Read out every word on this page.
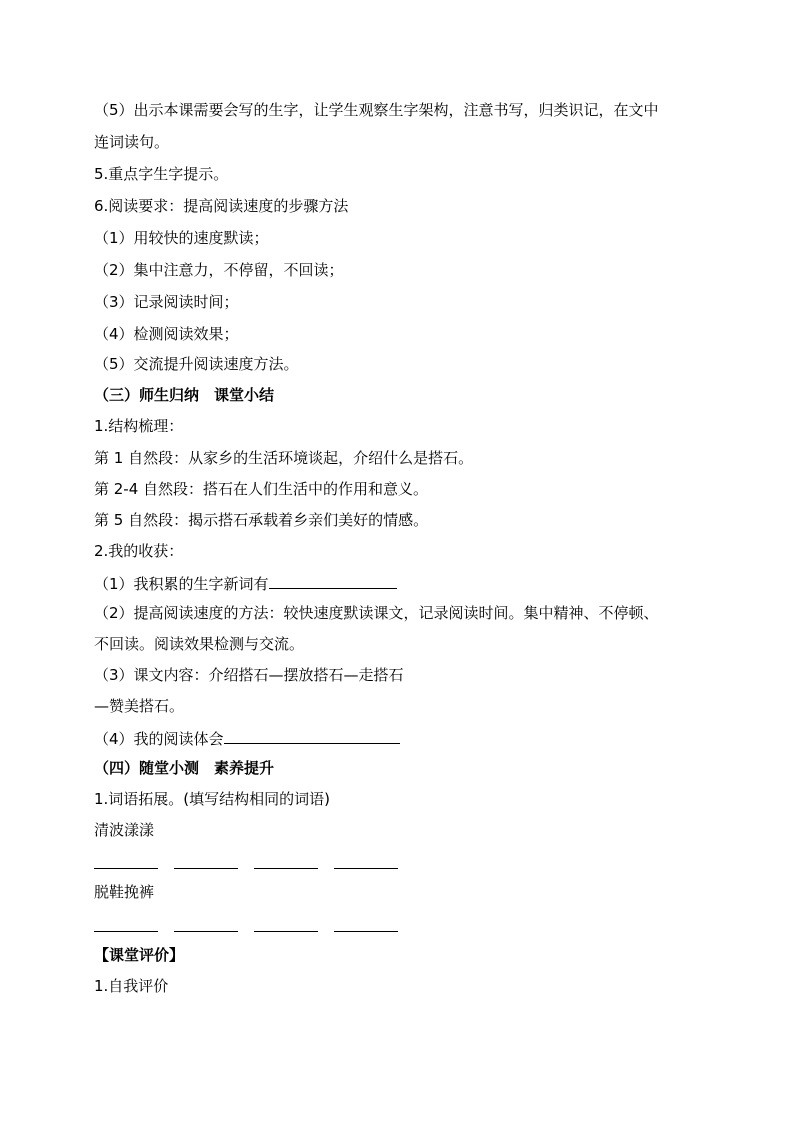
（5）出示本课需要会写的生字，让学生观察生字架构，注意书写，归类识记，在文中
连词读句。
5.重点字生字提示。
6.阅读要求：提高阅读速度的步骤方法
（1）用较快的速度默读；
（2）集中注意力，不停留，不回读；
（3）记录阅读时间；
（4）检测阅读效果；
（5）交流提升阅读速度方法。
（三）师生归纳　课堂小结
1.结构梳理：
第 1 自然段：从家乡的生活环境谈起，介绍什么是搭石。
第 2-4 自然段：搭石在人们生活中的作用和意义。
第 5 自然段：揭示搭石承载着乡亲们美好的情感。
2.我的收获：
（1）我积累的生字新词有
（2）提高阅读速度的方法：较快速度默读课文，记录阅读时间。集中精神、不停顿、
不回读。阅读效果检测与交流。
（3）课文内容：介绍搭石—摆放搭石—走搭石
—赞美搭石。
（4）我的阅读体会
（四）随堂小测　素养提升
1.词语拓展。(填写结构相同的词语)
清波漾漾
脱鞋挽裤
【课堂评价】
1.自我评价
